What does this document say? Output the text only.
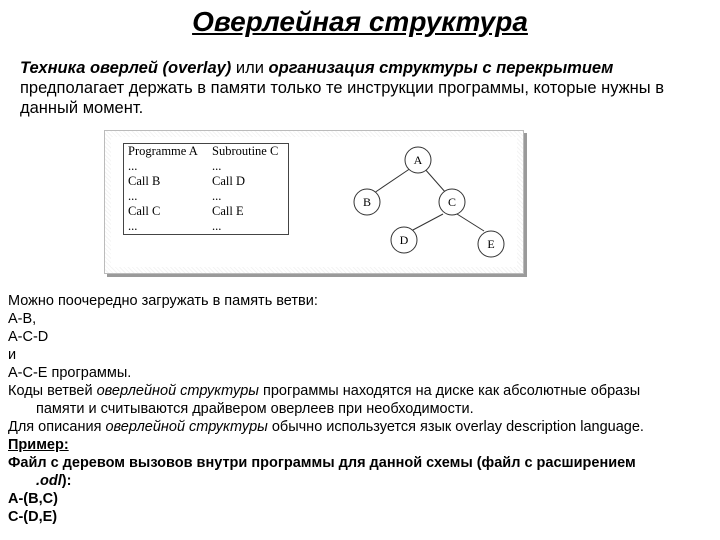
Оверлейная структура
Техника оверлей (overlay) или организация структуры с перекрытием предполагает держать в памяти только те инструкции программы, которые нужны в данный момент.
Programme A
...
Call B
...
Call C
...
Subroutine C
...
Call D
...
Call E
...
A
B	C
D	E

Можно поочередно загружать в память ветви:

А-В,

А-С-D

и

А-С-Е программы.

Коды ветвей оверлейной структуры программы находятся на диске как абсолютные образы

памяти и считываются драйвером оверлеев при необходимости.

Для описания оверлейной структуры обычно используется язык overlay description language.

Пример:

Файл с деревом вызовов внутри программы для данной схемы (файл с расширением

.odl):

А-(В,С)

С-(D,Е)
